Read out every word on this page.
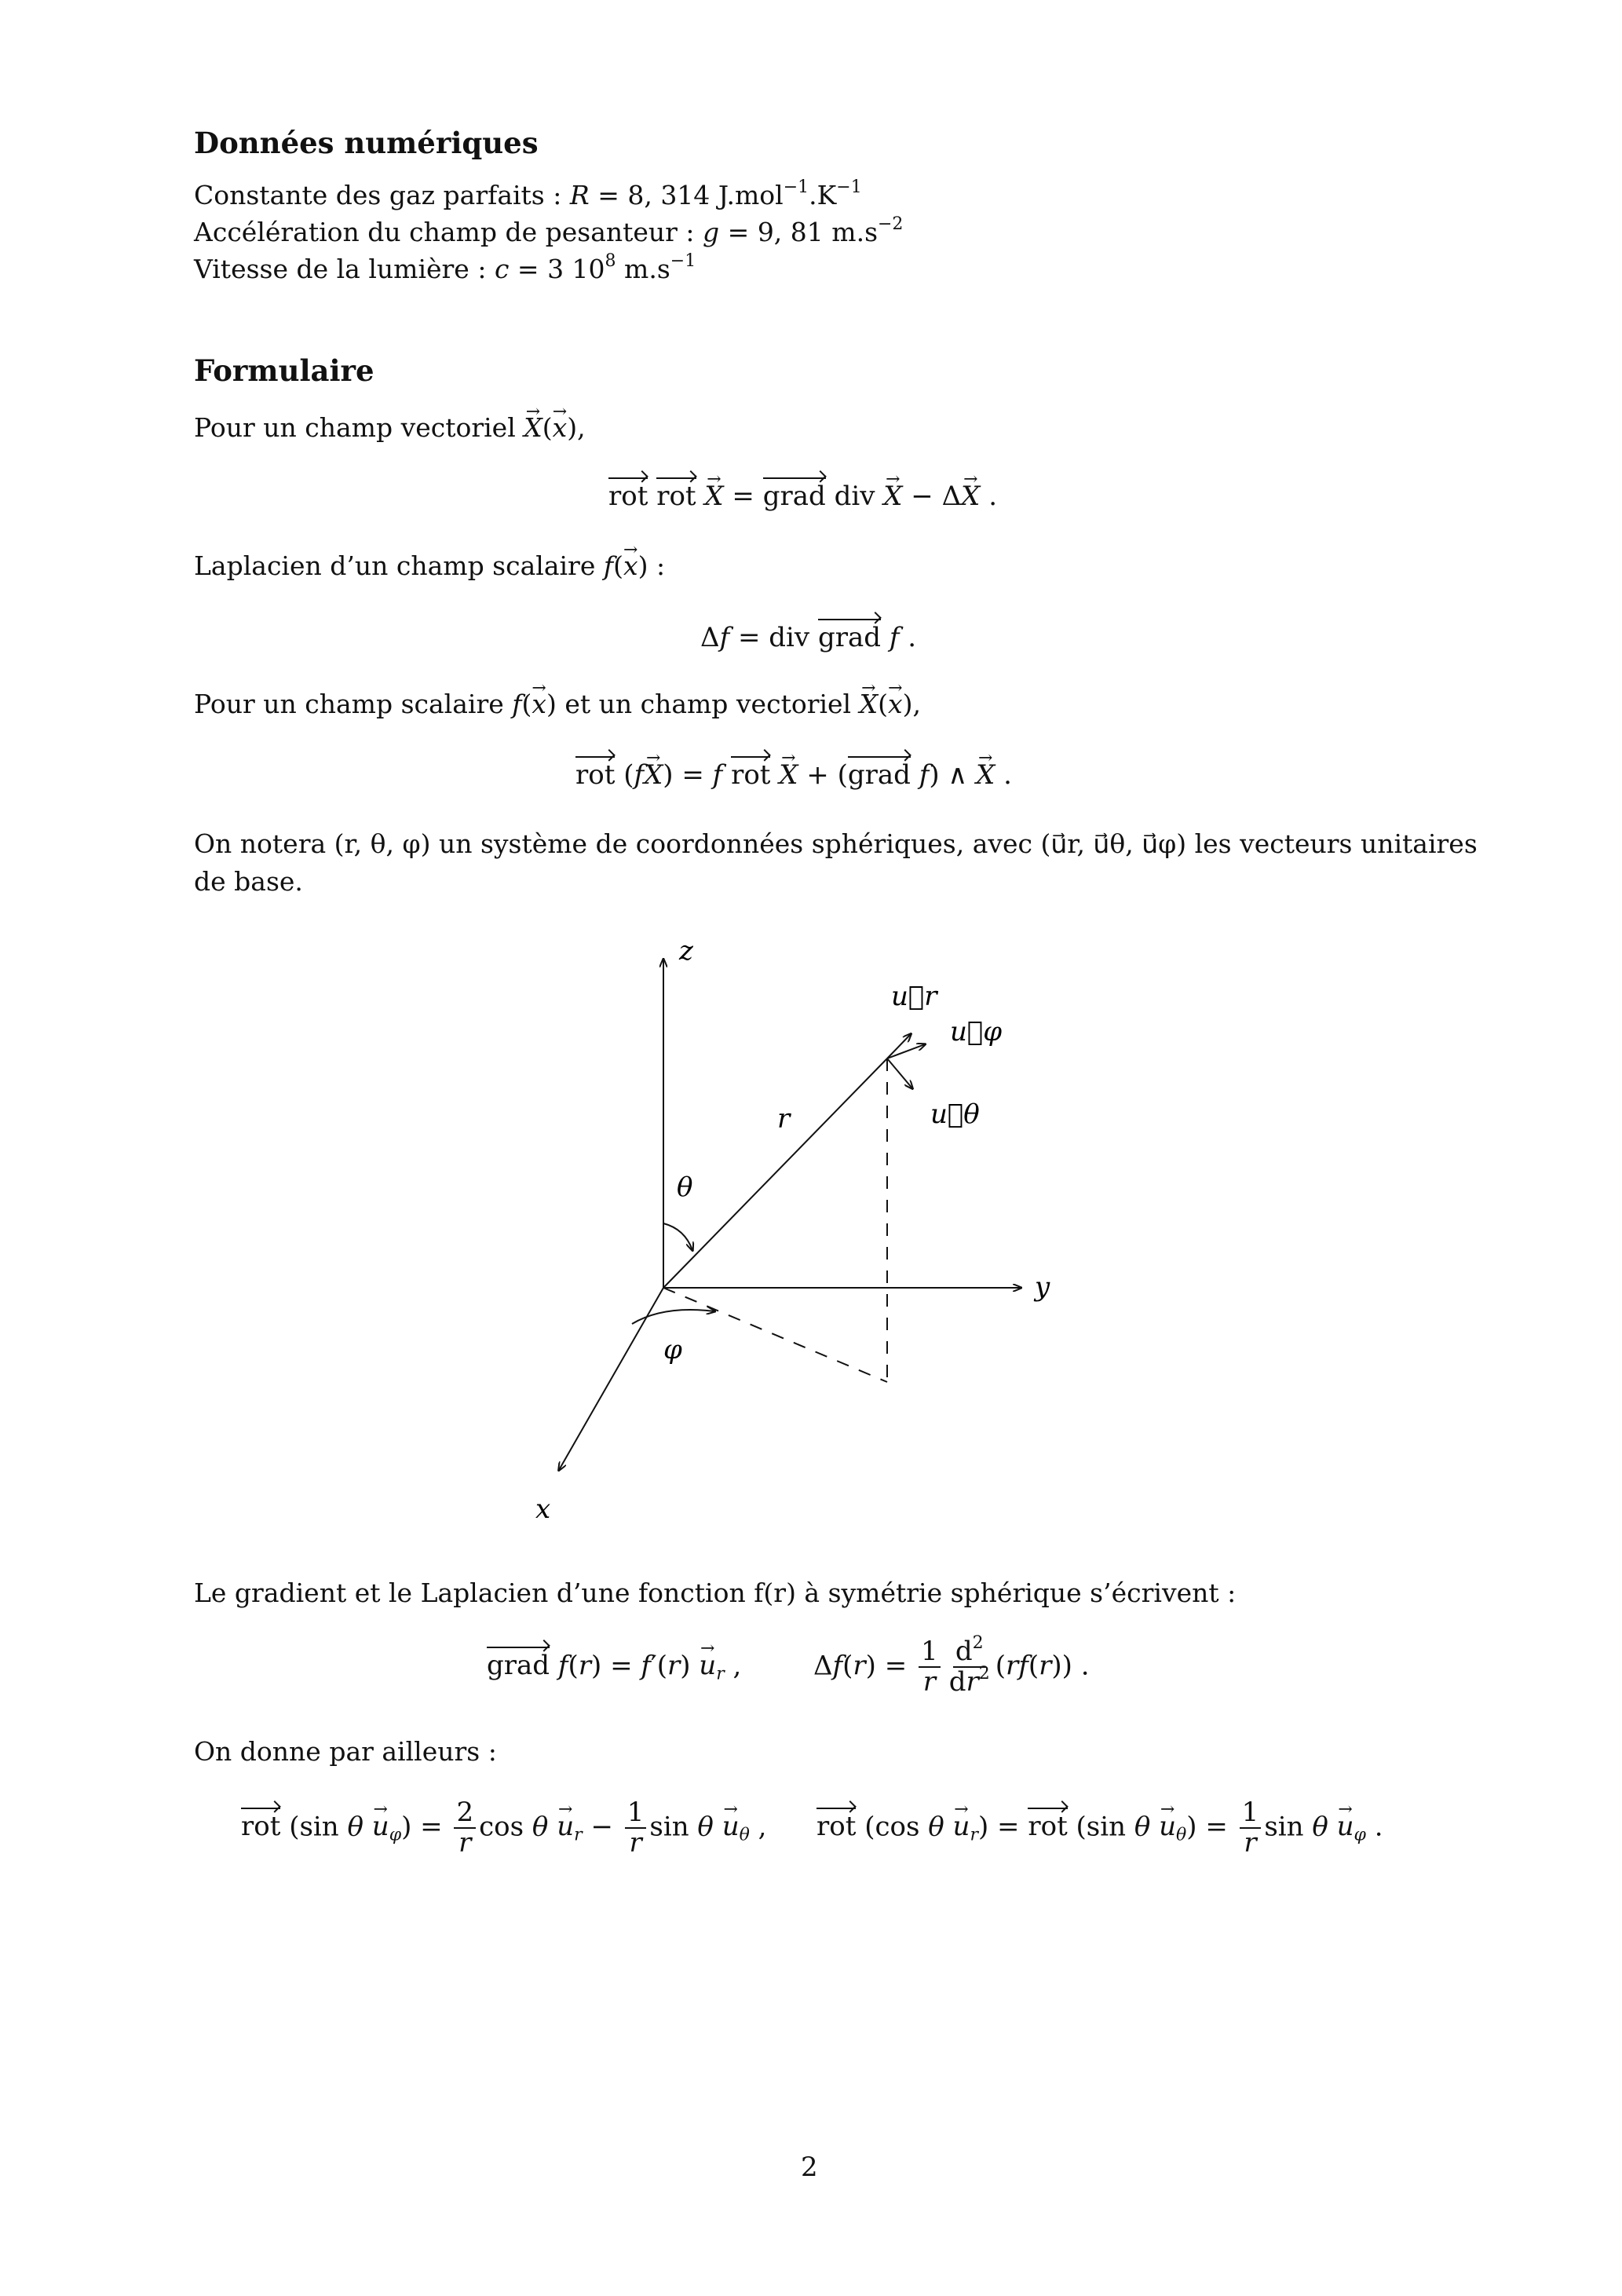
Données numériques
Constante des gaz parfaits : R = 8, 314 $J.mol^{-1}.K^{-1}$
Accélération du champ de pesanteur : g = 9, 81 $m.s^{-2}$
Vitesse de la lumière : c = 3 $10^8$ $m.s^{-1}$
Formulaire
Pour un champ vectoriel → X(→ x),
rot rot → X = grad div → X − Δ→ X .
Laplacien d’un champ scalaire f(→ x) :
Δf = div grad f .
Pour un champ scalaire f(→ x) et un champ vectoriel → X(→ x),
rot (f→ X) = f rot → X + (grad f) ∧ → X .
On notera (r, θ, φ) un système de coordonnées sphériques, avec (u⃗r, u⃗θ, u⃗φ) les vecteurs unitaires
de base.
z
y
x
r
θ
φ
u⃗r
u⃗φ
u⃗θ
Le gradient et le Laplacien d’une fonction f(r) à symétrie sphérique s’écrivent :
grad $f(r) = f'(r) \to u_r$ ,  $\Delta f(r) = \frac{1}{r} \frac{d^2}{dr^2} (rf(r))$ .
On donne par ailleurs :
rot (sin $\theta \to u_\varphi) = \frac{2}{r}$ $\cos \theta \to u_r - \frac{1}{r}$ $\sin \theta \to u_\theta$ , rot (cos $\theta \to u_r$) = rot (sin $\theta \to u_\theta) = \frac{1}{r}$ $\sin \theta \to u_\varphi$ .
2
